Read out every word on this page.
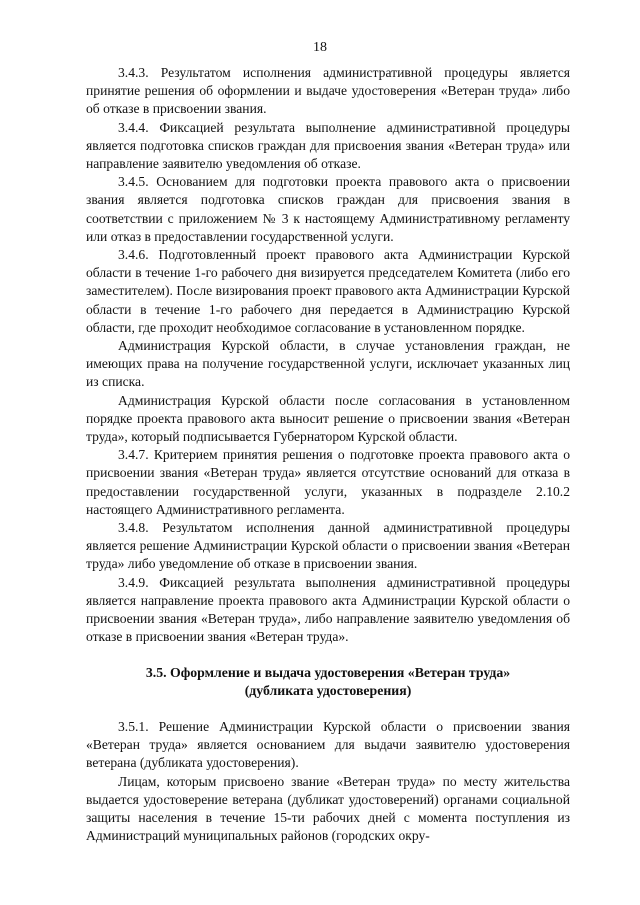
18

3.4.3. Результатом исполнения административной процедуры является принятие решения об оформлении и выдаче удостоверения «Ветеран труда» либо об отказе в присвоении звания.

3.4.4. Фиксацией результата выполнение административной процедуры является подготовка списков граждан для присвоения звания «Ветеран труда» или направление заявителю уведомления об отказе.

3.4.5. Основанием для подготовки проекта правового акта о присвоении звания является подготовка списков граждан для присвоения звания в соответствии с приложением № 3 к настоящему Административному регламенту или отказ в предоставлении государственной услуги.

3.4.6. Подготовленный проект правового акта Администрации Курской области в течение 1-го рабочего дня визируется председателем Комитета (либо его заместителем). После визирования проект правового акта Администрации Курской области в течение 1-го рабочего дня передается в Администрацию Курской области, где проходит необходимое согласование в установленном порядке.

Администрация Курской области, в случае установления граждан, не имеющих права на получение государственной услуги, исключает указанных лиц из списка.

Администрация Курской области после согласования в установленном порядке проекта правового акта выносит решение о присвоении звания «Ветеран труда», который подписывается Губернатором Курской области.

3.4.7. Критерием принятия решения о подготовке проекта правового акта о присвоении звания «Ветеран труда» является отсутствие оснований для отказа в предоставлении государственной услуги, указанных в подразделе 2.10.2 настоящего Административного регламента.

3.4.8. Результатом исполнения данной административной процедуры является решение Администрации Курской области о присвоении звания «Ветеран труда» либо уведомление об отказе в присвоении звания.

3.4.9. Фиксацией результата выполнения административной процедуры является направление проекта правового акта Администрации Курской области о присвоении звания «Ветеран труда», либо направление заявителю уведомления об отказе в присвоении звания «Ветеран труда».

3.5. Оформление и выдача удостоверения «Ветеран труда» (дубликата удостоверения)

3.5.1. Решение Администрации Курской области о присвоении звания «Ветеран труда» является основанием для выдачи заявителю удостоверения ветерана (дубликата удостоверения).

Лицам, которым присвоено звание «Ветеран труда» по месту жительства выдается удостоверение ветерана (дубликат удостоверений) органами социальной защиты населения в течение 15-ти рабочих дней с момента поступления из Администраций муниципальных районов (городских окру-
